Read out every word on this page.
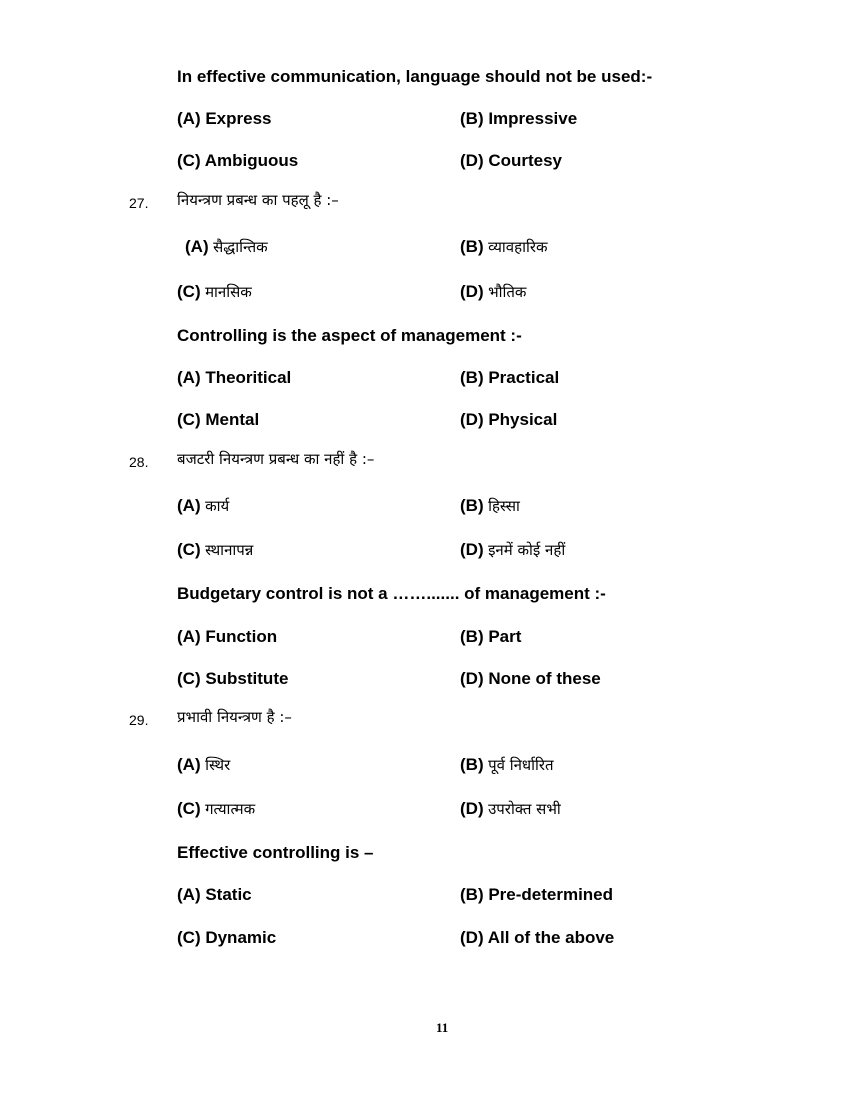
In effective communication, language should not be used:-
(A) Express	(B) Impressive
(C) Ambiguous	(D) Courtesy
27. नियन्त्रण प्रबन्ध का पहलू है :–
(A) सैद्धान्तिक	(B) व्यावहारिक
(C) मानसिक	(D) भौतिक
Controlling is the aspect of management :-
(A) Theoritical	(B) Practical
(C) Mental	(D) Physical
28. बजटरी नियन्त्रण प्रबन्ध का नहीं है :–
(A) कार्य	(B) हिस्सा
(C) स्थानापन्न	(D) इनमें कोई नहीं
Budgetary control is not a ……....... of management :-
(A) Function	(B) Part
(C) Substitute	(D) None of these
29. प्रभावी नियन्त्रण है :–
(A) स्थिर	(B) पूर्व निर्धारित
(C) गत्यात्मक	(D) उपरोक्त सभी
Effective controlling is –
(A) Static	(B) Pre-determined
(C) Dynamic	(D) All of the above
11
